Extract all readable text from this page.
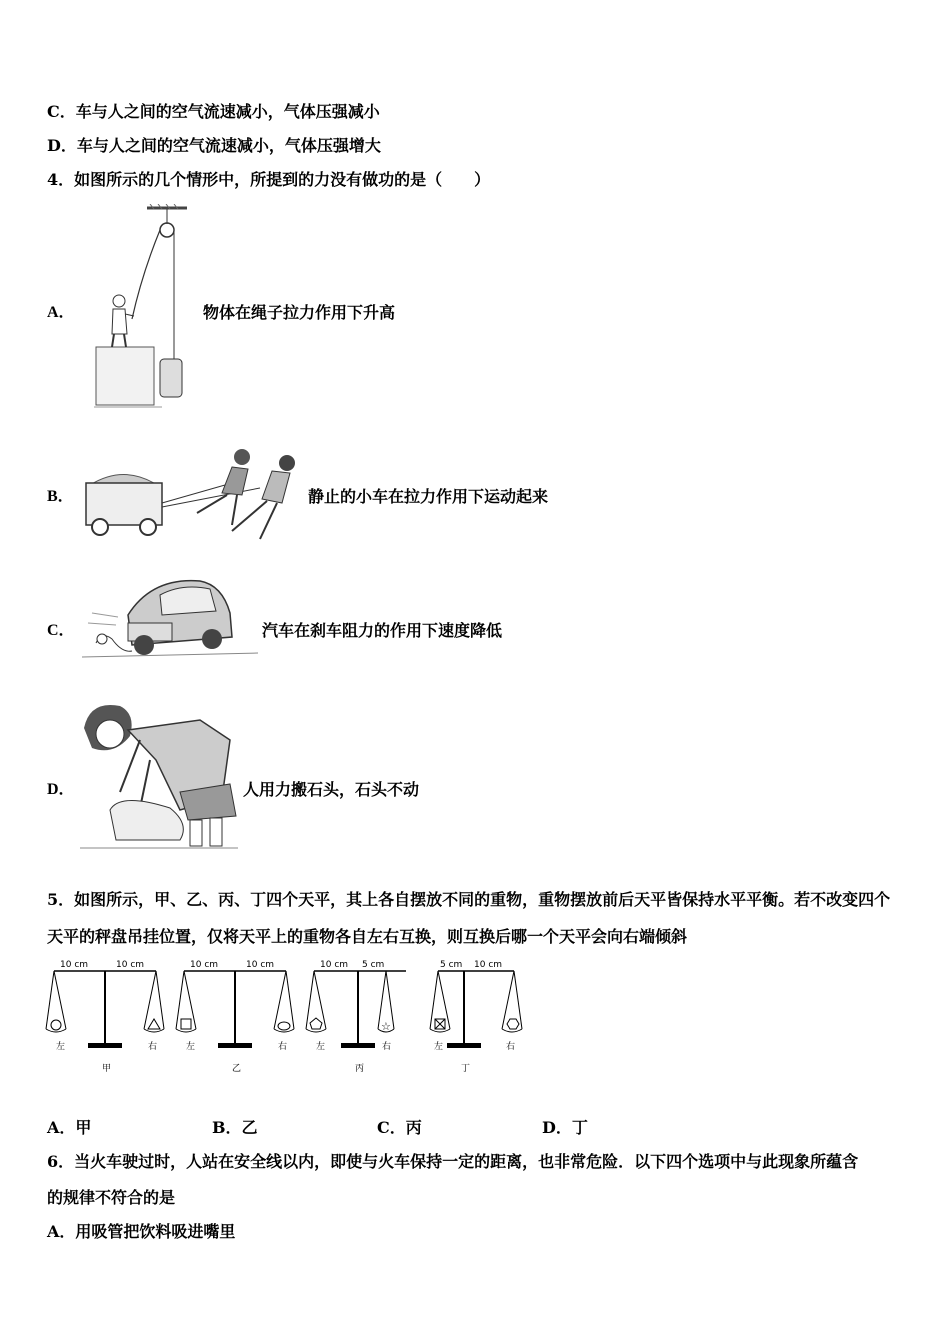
C．车与人之间的空气流速减小，气体压强减小
D．车与人之间的空气流速减小，气体压强增大
4．如图所示的几个情形中，所提到的力没有做功的是（　　）
A．	物体在绳子拉力作用下升高
B．	静止的小车在拉力作用下运动起来
C．	汽车在刹车阻力的作用下速度降低
D．	人用力搬石头，石头不动
5．如图所示，甲、乙、丙、丁四个天平，其上各自摆放不同的重物，重物摆放前后天平皆保持水平平衡。若不改变四个
天平的秤盘吊挂位置，仅将天平上的重物各自左右互换，则互换后哪一个天平会向右端倾斜
10 cm	10 cm
左	右
甲
10 cm	10 cm
左	右
乙
☆
10 cm 5 cm
左	右
丙
5 cm 10 cm
左	右
丁
A．甲	B．乙	C．丙	D．丁
6．当火车驶过时，人站在安全线以内，即使与火车保持一定的距离，也非常危险．以下四个选项中与此现象所蕴含
的规律不符合的是
A．用吸管把饮料吸进嘴里
